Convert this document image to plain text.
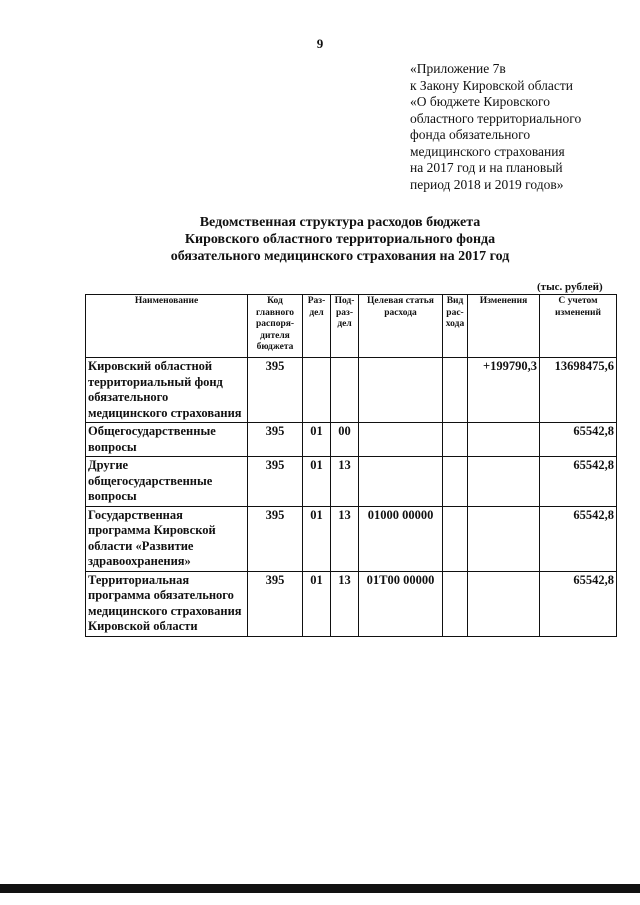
9
«Приложение 7в
к Закону Кировской области
«О бюджете Кировского
областного территориального
фонда обязательного
медицинского страхования
на 2017 год и на плановый
период 2018 и 2019 годов»
Ведомственная структура расходов бюджета
Кировского областного территориального фонда
обязательного медицинского страхования на 2017 год
(тыс. рублей)
Наименование	Код главного распоря- дителя бюджета	Раз- дел	Под- раз- дел	Целевая статья расхода	Вид рас- хода	Изменения	С учетом изменений
Кировский областной территориальный фонд обязательного медицинского страхования	395					+199790,3	13698475,6
Общегосударственные вопросы	395	01	00				65542,8
Другие общегосударственные вопросы	395	01	13				65542,8
Государственная программа Кировской области «Развитие здравоохранения»	395	01	13	01000 00000			65542,8
Территориальная программа обязательного медицинского страхования Кировской области	395	01	13	01Т00 00000			65542,8
